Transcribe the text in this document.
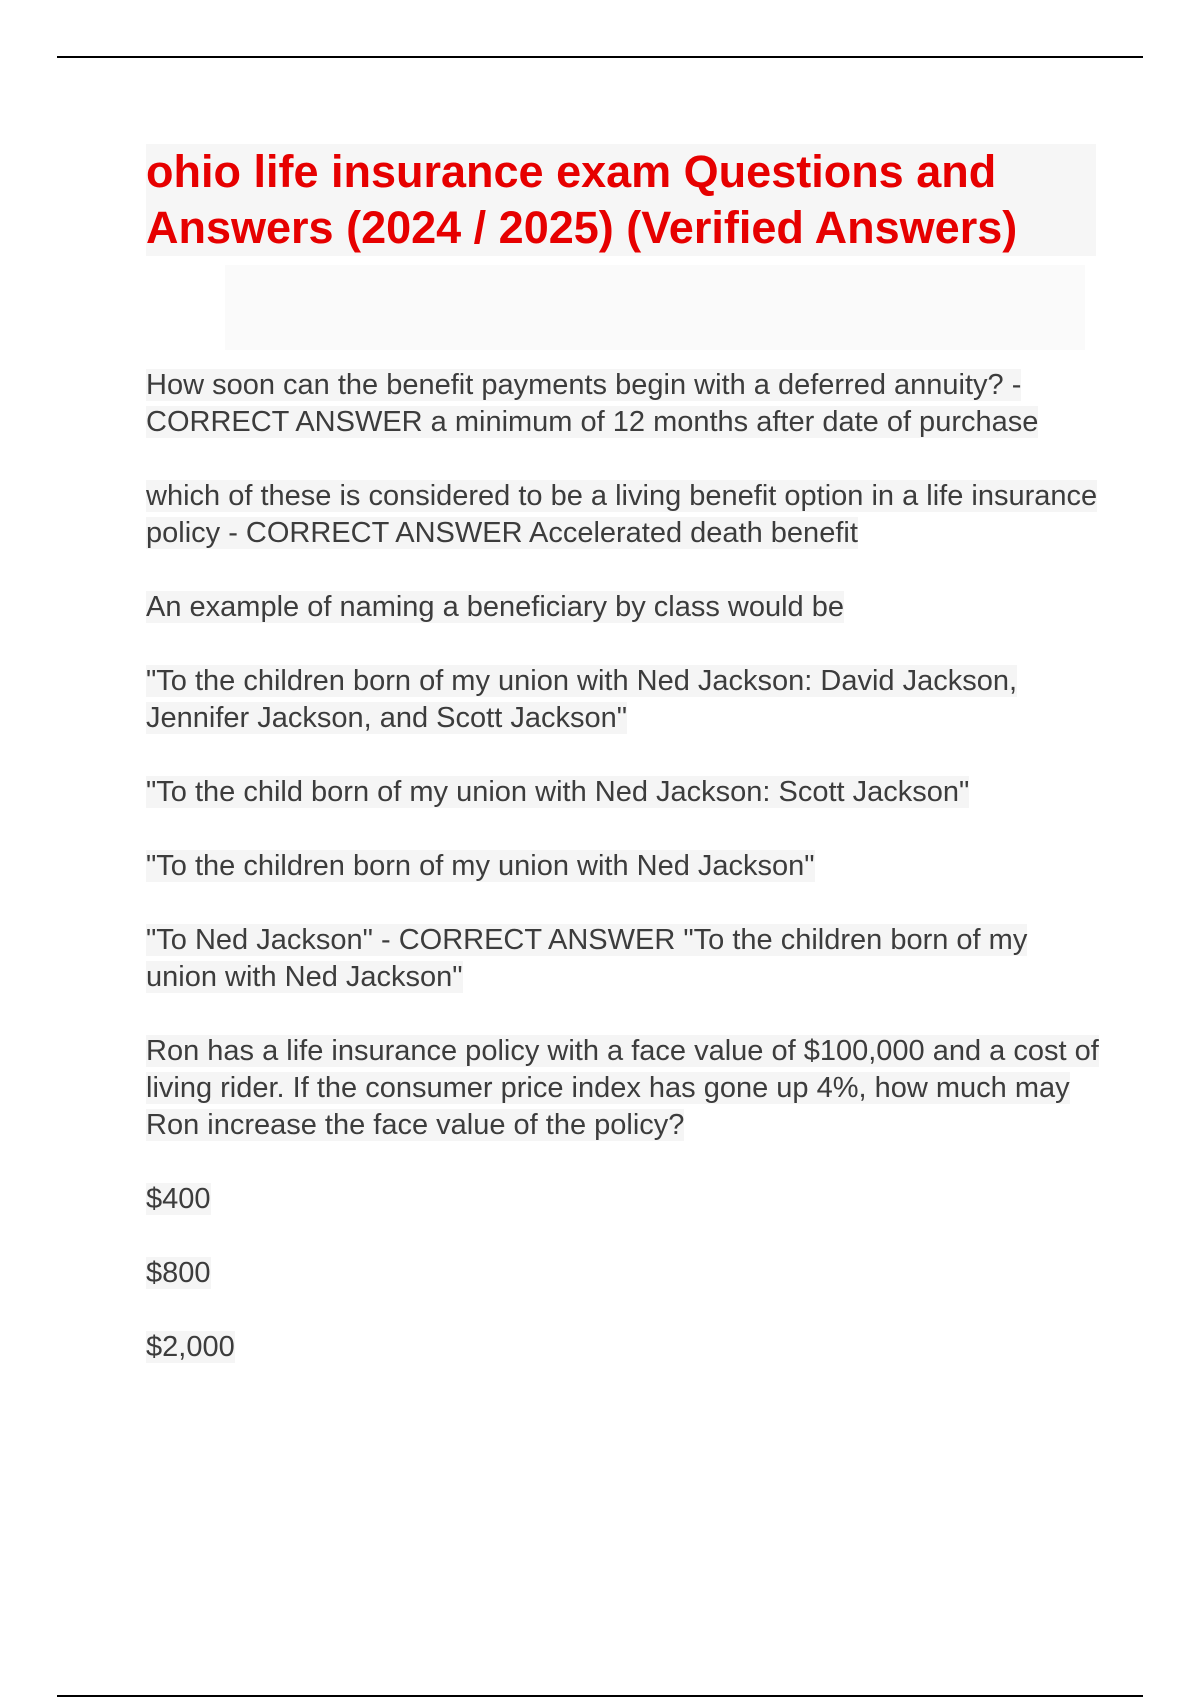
ohio life insurance exam Questions and
Answers (2024 / 2025) (Verified Answers)

How soon can the benefit payments begin with a deferred annuity? - CORRECT ANSWER a minimum of 12 months after date of purchase

which of these is considered to be a living benefit option in a life insurance policy - CORRECT ANSWER Accelerated death benefit

An example of naming a beneficiary by class would be

"To the children born of my union with Ned Jackson: David Jackson, Jennifer Jackson, and Scott Jackson"

"To the child born of my union with Ned Jackson: Scott Jackson"

"To the children born of my union with Ned Jackson"

"To Ned Jackson" - CORRECT ANSWER "To the children born of my union with Ned Jackson"

Ron has a life insurance policy with a face value of $100,000 and a cost of living rider. If the consumer price index has gone up 4%, how much may Ron increase the face value of the policy?

$400

$800

$2,000
